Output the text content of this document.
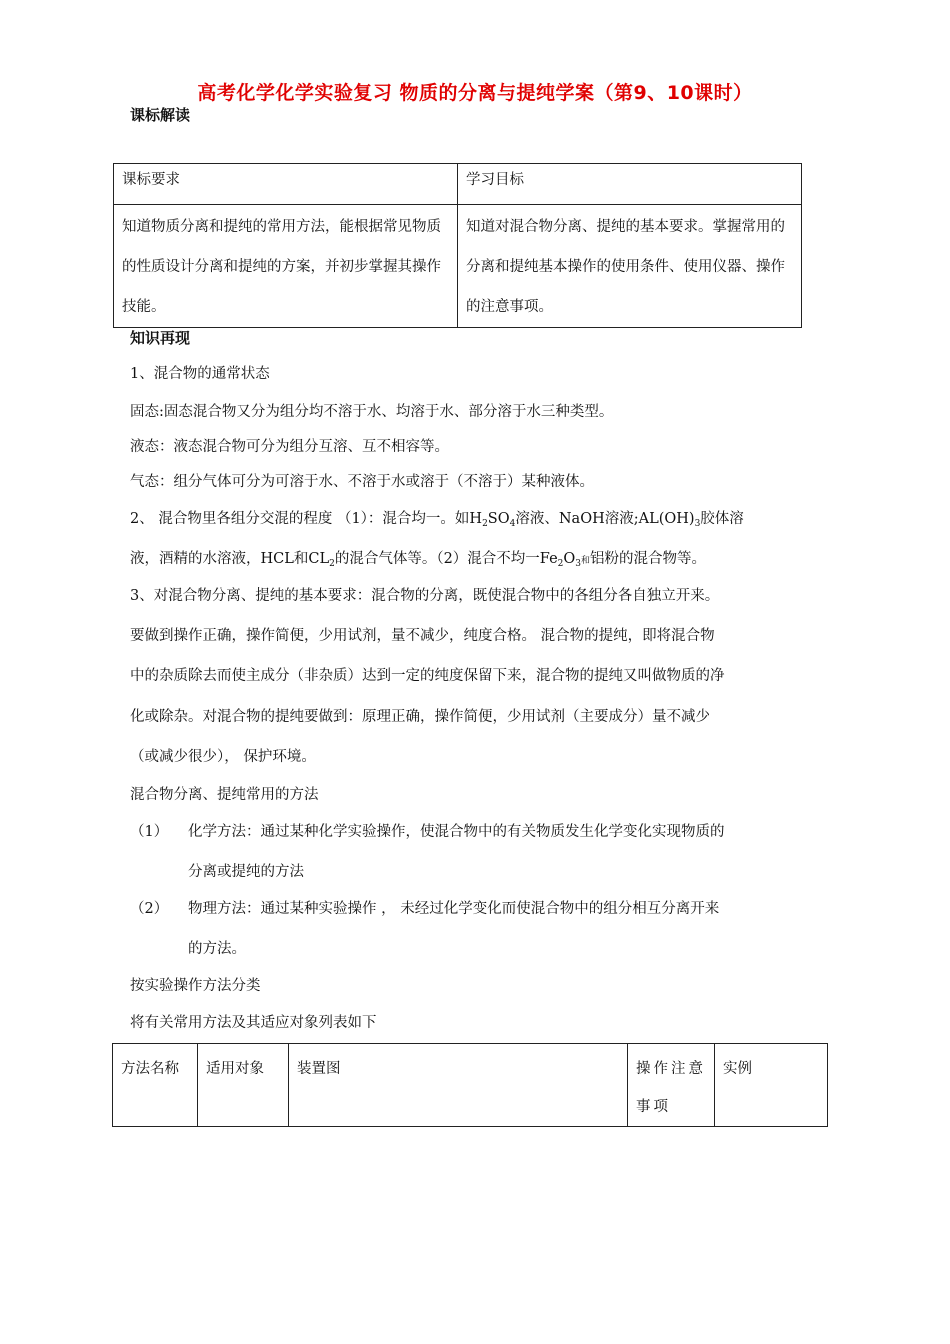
高考化学化学实验复习 物质的分离与提纯学案（第9、10课时）
课标解读
课标要求	学习目标
知道物质分离和提纯的常用方法，能根据常见物质的性质设计分离和提纯的方案，并初步掌握其操作技能。	知道对混合物分离、提纯的基本要求。掌握常用的分离和提纯基本操作的使用条件、使用仪器、操作的注意事项。
知识再现
1、混合物的通常状态
固态:固态混合物又分为组分均不溶于水、均溶于水、部分溶于水三种类型。
液态：液态混合物可分为组分互溶、互不相容等。
气态：组分气体可分为可溶于水、不溶于水或溶于（不溶于）某种液体。
2、 混合物里各组分交混的程度 （1）：混合均一。如$H_2SO_4$溶液、NaOH溶液$;AL(OH)_3$胶体溶
液，酒精的水溶液，HCL和$CL_2$的混合气体等。（2）混合不均一$Fe_2O_3$和铝粉的混合物等。
3、对混合物分离、提纯的基本要求：混合物的分离，既使混合物中的各组分各自独立开来。
要做到操作正确，操作简便，少用试剂，量不减少，纯度合格。 混合物的提纯，即将混合物
中的杂质除去而使主成分（非杂质）达到一定的纯度保留下来，混合物的提纯又叫做物质的净
化或除杂。对混合物的提纯要做到：原理正确，操作简便，少用试剂（主要成分）量不减少
（或减少很少）， 保护环境。
混合物分离、提纯常用的方法
（1） 化学方法：通过某种化学实验操作，使混合物中的有关物质发生化学变化实现物质的
分离或提纯的方法
（2） 物理方法：通过某种实验操作 ， 未经过化学变化而使混合物中的组分相互分离开来
的方法。
按实验操作方法分类
将有关常用方法及其适应对象列表如下
方法名称	适用对象	装置图	操作注意事项	实例
